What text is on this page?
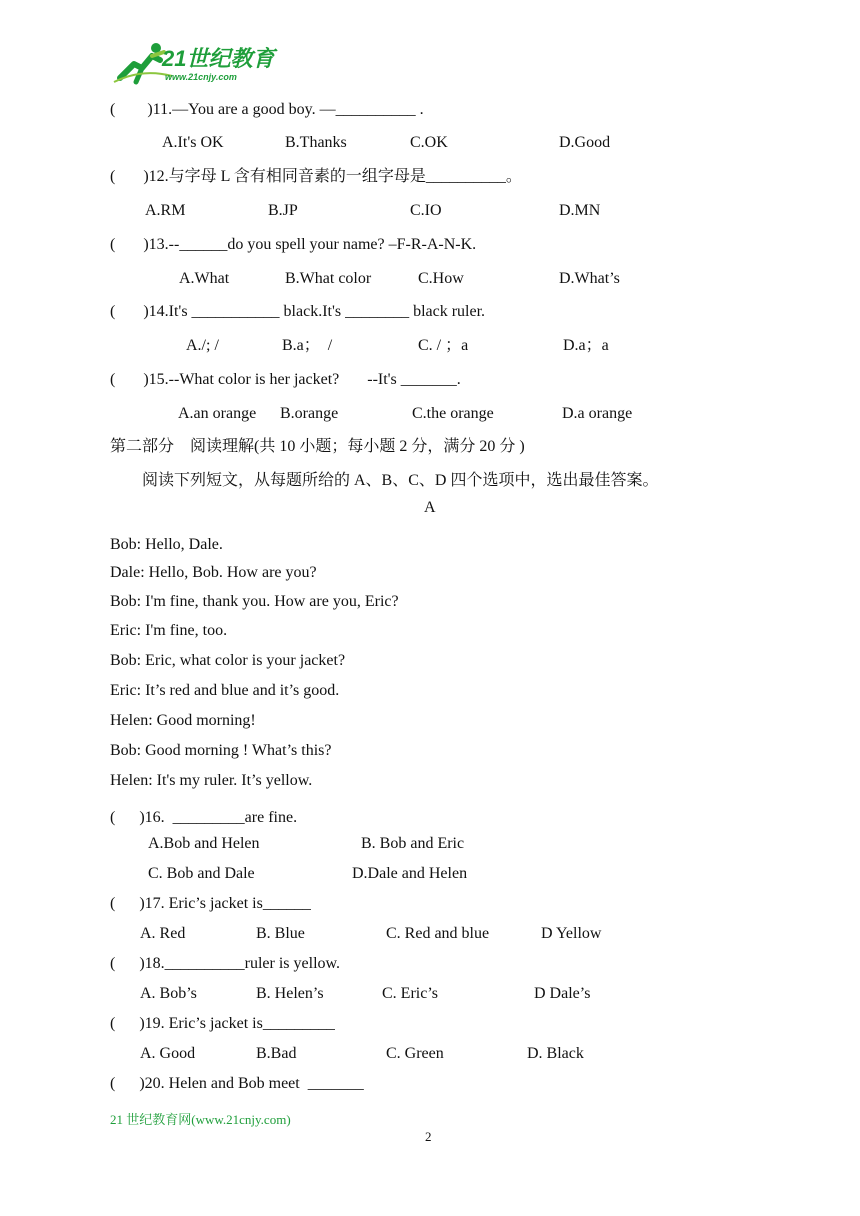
21世纪教育
www.21cnjy.com
(        )11.—You are a good boy. —__________ .
A.It's OK	B.Thanks	C.OK	D.Good
(       )12.与字母 L 含有相同音素的一组字母是__________。
A.RM	B.JP	C.IO	D.MN
(       )13.--______do you spell your name? –F-R-A-N-K.
A.What	B.What color	C.How	D.What’s
(       )14.It's ___________ black.It's ________ black ruler.
A./; /	B.a；  /	C. / ；a	D.a；a
(       )15.--What color is her jacket?       --It's _______.
A.an orange B.orange	C.the orange	D.a orange
第二部分    阅读理解(共 10 小题；每小题 2 分，满分 20 分 )
阅读下列短文，从每题所给的 A、B、C、D 四个选项中，选出最佳答案。
A
Bob: Hello, Dale.
Dale: Hello, Bob. How are you?
Bob: I'm fine, thank you. How are you, Eric?
Eric: I'm fine, too.
Bob: Eric, what color is your jacket?
Eric: It’s red and blue and it’s good.
Helen: Good morning!
Bob: Good morning ! What’s this?
Helen: It's my ruler. It’s yellow.
(      )16.  _________are fine.
A.Bob and Helen	B. Bob and Eric
C. Bob and Dale	D.Dale and Helen
(      )17. Eric’s jacket is______
A. Red	B. Blue	C. Red and blue	D Yellow
(      )18.__________ruler is yellow.
A. Bob’s	B. Helen’s	C. Eric’s	D Dale’s
(      )19. Eric’s jacket is_________
A. Good	B.Bad	C. Green	D. Black
(      )20. Helen and Bob meet  _______
21 世纪教育网(www.21cnjy.com)
2
